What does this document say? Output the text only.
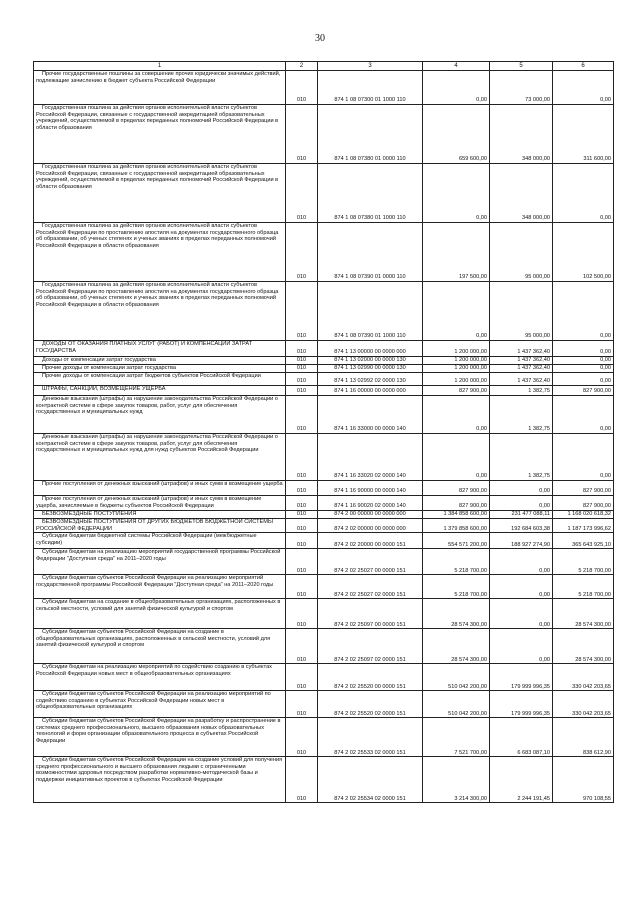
30
1	2	3	4	5	6

Прочие государственные пошлины за совершение прочих юридически значимых действий, подлежащие зачислению в бюджет субъекта Российской Федерации	010	874 1 08 07300 01 1000 110	0,00	73 000,00	0,00

Государственная пошлина за действия органов исполнительной власти субъектов Российской Федерации, связанные с государственной аккредитацией образовательных учреждений, осуществляемой в пределах переданных полномочий Российской Федерации в области образования	010	874 1 08 07380 01 0000 110	659 600,00	348 000,00	311 600,00

Государственная пошлина за действия органов исполнительной власти субъектов Российской Федерации, связанные с государственной аккредитацией образовательных учреждений, осуществляемой в пределах переданных полномочий Российской Федерации в области образования	010	874 1 08 07380 01 1000 110	0,00	348 000,00	0,00

Государственная пошлина за действия органов исполнительной власти субъектов Российской Федерации по проставлению апостиля на документах государственного образца об образовании, об ученых степенях и ученых званиях в пределах переданных полномочий Российской Федерации в области образования	010	874 1 08 07390 01 0000 110	197 500,00	95 000,00	102 500,00

Государственная пошлина за действия органов исполнительной власти субъектов Российской Федерации по проставлению апостиля на документах государственного образца об образовании, об ученых степенях и ученых званиях в пределах переданных полномочий Российской Федерации в области образования	010	874 1 08 07390 01 1000 110	0,00	95 000,00	0,00

ДОХОДЫ ОТ ОКАЗАНИЯ ПЛАТНЫХ УСЛУГ (РАБОТ) И КОМПЕНСАЦИИ ЗАТРАТ ГОСУДАРСТВА	010	874 1 13 00000 00 0000 000	1 200 000,00	1 437 362,40	0,00

Доходы от компенсации затрат государства	010	874 1 13 02000 00 0000 130	1 200 000,00	1 437 362,40	0,00

Прочие доходы от компенсации затрат государства	010	874 1 13 02990 00 0000 130	1 200 000,00	1 437 362,40	0,00

Прочие доходы от компенсации затрат бюджетов субъектов Российской Федерации	010	874 1 13 02992 02 0000 130	1 200 000,00	1 437 362,40	0,00

ШТРАФЫ, САНКЦИИ, ВОЗМЕЩЕНИЕ УЩЕРБА	010	874 1 16 00000 00 0000 000	827 900,00	1 382,75	827 900,00

Денежные взыскания (штрафы) за нарушение законодательства Российской Федерации о контрактной системе в сфере закупок товаров, работ, услуг для обеспечения государственных и муниципальных нужд	010	874 1 16 33000 00 0000 140	0,00	1 382,75	0,00

Денежные взыскания (штрафы) за нарушение законодательства Российской Федерации о контрактной системе в сфере закупок товаров, работ, услуг для обеспечения государственных и муниципальных нужд для нужд субъектов Российской Федерации	010	874 1 16 33020 02 0000 140	0,00	1 382,75	0,00

Прочие поступления от денежных взысканий (штрафов) и иных сумм в возмещение ущерба	010	874 1 16 90000 00 0000 140	827 900,00	0,00	827 900,00

Прочие поступления от денежных взысканий (штрафов) и иных сумм в возмещение ущерба, зачисляемые в бюджеты субъектов Российской Федерации	010	874 1 16 90020 02 0000 140	827 900,00	0,00	827 900,00

БЕЗВОЗМЕЗДНЫЕ ПОСТУПЛЕНИЯ	010	874 2 00 00000 00 0000 000	1 384 858 600,00	231 477 088,11	1 168 020 618,32

БЕЗВОЗМЕЗДНЫЕ ПОСТУПЛЕНИЯ ОТ ДРУГИХ БЮДЖЕТОВ БЮДЖЕТНОЙ СИСТЕМЫ РОССИЙСКОЙ ФЕДЕРАЦИИ	010	874 2 02 00000 00 0000 000	1 379 858 600,00	192 684 603,38	1 187 173 996,62

Субсидии бюджетам бюджетной системы Российской Федерации (межбюджетные субсидии)	010	874 2 02 20000 00 0000 151	554 571 200,00	188 927 274,90	365 643 925,10

Субсидии бюджетам на реализацию мероприятий государственной программы Российской Федерации "Доступная среда" на 2011–2020 годы	010	874 2 02 25027 00 0000 151	5 218 700,00	0,00	5 218 700,00

Субсидии бюджетам субъектов Российской Федерации на реализацию мероприятий государственной программы Российской Федерации "Доступная среда" на 2011–2020 годы	010	874 2 02 25027 02 0000 151	5 218 700,00	0,00	5 218 700,00

Субсидии бюджетам на создание в общеобразовательных организациях, расположенных в сельской местности, условий для занятий физической культурой и спортом	010	874 2 02 25097 00 0000 151	28 574 300,00	0,00	28 574 300,00

Субсидии бюджетам субъектов Российской Федерации на создание в общеобразовательных организациях, расположенных в сельской местности, условий для занятий физической культурой и спортом	010	874 2 02 25097 02 0000 151	28 574 300,00	0,00	28 574 300,00

Субсидии бюджетам на реализацию мероприятий по содействию созданию в субъектах Российской Федерации новых мест в общеобразовательных организациях	010	874 2 02 25520 00 0000 151	510 042 200,00	179 999 996,35	330 042 203,65

Субсидии бюджетам субъектов Российской Федерации на реализацию мероприятий по содействию созданию в субъектах Российской Федерации новых мест в общеобразовательных организациях	010	874 2 02 25520 02 0000 151	510 042 200,00	179 999 996,35	330 042 203,65

Субсидии бюджетам субъектов Российской Федерации на разработку и распространение в системах среднего профессионального, высшего образования новых образовательных технологий и форм организации образовательного процесса в субъектах Российской Федерации	010	874 2 02 25533 02 0000 151	7 521 700,00	6 683 087,10	838 612,90

Субсидии бюджетам субъектов Российской Федерации на создание условий для получения среднего профессионального и высшего образования людьми с ограниченными возможностями здоровья посредством разработки нормативно-методической базы и поддержки инициативных проектов в субъектах Российской Федерации	010	874 2 02 25534 02 0000 151	3 214 300,00	2 244 191,45	970 108,55
